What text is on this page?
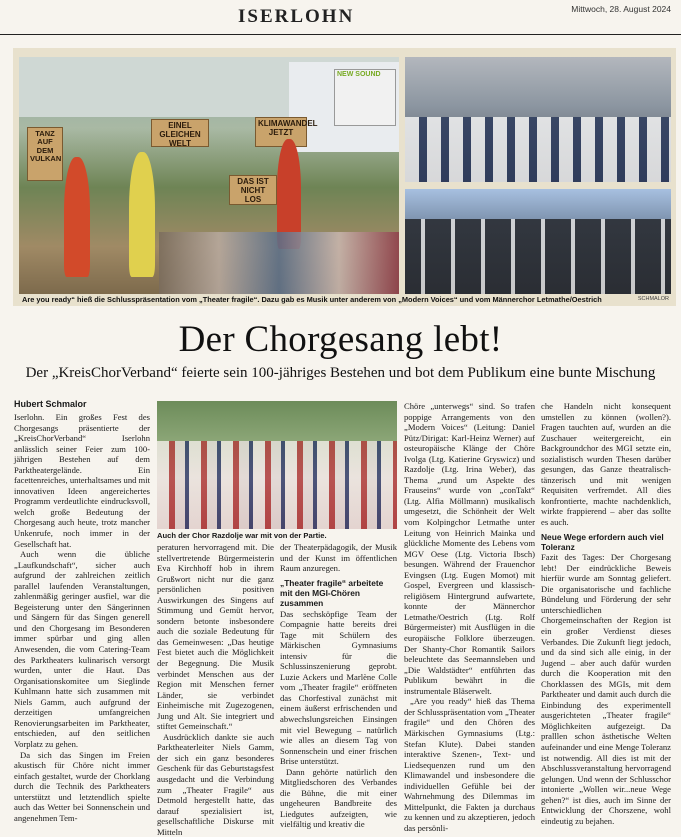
ISERLOHN	Mittwoch, 28. August 2024
NEW SOUND
TANZ AUF DEM VULKAN
EINEL GLEICHEN WELT
KLIMAWANDEL JETZT
DAS IST NICHT LOS
Are you ready“ hieß die Schlusspräsentation vom „Theater fragile“. Dazu gab es Musik unter anderem von „Modern Voices“ und vom Männerchor Letmathe/Oestrich	SCHMALOR
Der Chorgesang lebt!
Der „KreisChorVerband“ feierte sein 100-jähriges Bestehen und bot dem Publikum eine bunte Mischung
Hubert Schmalor

Iserlohn. Ein großes Fest des Chorgesangs präsentierte der „KreisChorVerband“ Iserlohn anlässlich seiner Feier zum 100-jährigen Bestehen auf dem Parktheatergelände. Ein facettenreiches, unterhaltsames und mit innovativen Ideen angereichertes Programm verdeutlichte eindrucksvoll, welch große Bedeutung der Chorgesang auch heute, trotz mancher Unkenrufe, noch immer in der Gesellschaft hat.

Auch wenn die übliche „Laufkundschaft“, sicher auch aufgrund der zahlreichen zeitlich parallel laufenden Veranstaltungen, zahlenmäßig geringer ausfiel, war die Begeisterung unter den Sängerinnen und Sängern für das Singen generell und den Chorgesang im Besonderen immer spürbar und ging allen Anwesenden, die vom Catering-Team des Parktheaters kulinarisch versorgt wurden, unter die Haut. Das Organisationskomitee um Sieglinde Kuhlmann hatte sich zusammen mit Niels Gamm, auch aufgrund der derzeitigen umfangreichen Renovierungsarbeiten im Parktheater, entschieden, auf den seitlichen Vorplatz zu gehen.

Da sich das Singen im Freien akustisch für Chöre nicht immer einfach gestaltet, wurde der Chorklang durch die Technik des Parktheaters unterstützt und letztendlich spielte auch das Wetter bei Sonnenschein und angenehmen Tem-

Auch der Chor Razdolje war mit von der Partie.

peraturen hervorragend mit. Die stellvertretende Bürgermeisterin Eva Kirchhoff hob in ihrem Grußwort nicht nur die ganz persönlichen positiven Auswirkungen des Singens auf Stimmung und Gemüt hervor, sondern betonte insbesondere auch die soziale Bedeutung für das Gemeinwesen: „Das heutige Fest bietet auch die Möglichkeit der Begegnung. Die Musik verbindet Menschen aus der Region mit Menschen ferner Länder, sie verbindet Einheimische mit Zugezogenen, Jung und Alt. Sie integriert und stiftet Gemeinschaft.“

Ausdrücklich dankte sie auch Parktheaterleiter Niels Gamm, der sich ein ganz besonderes Geschenk für das Geburtstagsfest ausgedacht und die Verbindung zum „Theater Fragile“ aus Detmold hergestellt hatte, das darauf spezialisiert ist, gesellschaftliche Diskurse mit Mitteln

der Theaterpädagogik, der Musik und der Kunst im öffentlichen Raum anzuregen.

„Theater fragile“ arbeitete mit den MGI-Chören zusammen

Das sechsköpfige Team der Compagnie hatte bereits drei Tage mit Schülern des Märkischen Gymnasiums intensiv für die Schlussinszenierung geprobt. Luzie Ackers und Marlène Colle vom „Theater fragile“ eröffneten das Chorfestival zunächst mit einem äußerst erfrischenden und abwechslungsreichen Einsingen mit viel Bewegung – natürlich wie alles an diesem Tag von Sonnenschein und einer frischen Brise unterstützt.

Dann gehörte natürlich den Mitgliedschoren des Verbandes die Bühne, die mit einer ungeheuren Bandbreite des Liedgutes aufzeigten, wie vielfältig und kreativ die

Chöre „unterwegs“ sind. So trafen poppige Arrangements von den „Modern Voices“ (Leitung: Daniel Pütz/Dirigat: Karl-Heinz Werner) auf osteuropäische Klänge der Chöre Ivolga (Ltg. Katierine Gryswicz) und Razdolje (Ltg. Irina Weber), das Thema „rund um Aspekte des Frauseins“ wurde von „conTakt“ (Ltg. Alfia Möllmann) musikalisch umgesetzt, die Schönheit der Welt vom Kolpingchor Letmathe unter Leitung von Heinrich Mainka und glückliche Momente des Lebens vom MGV Oese (Ltg. Victoria Ibsch) besungen. Während der Frauenchor Evingsen (Ltg. Eugen Momot) mit Gospel, Evergreen und klassisch-religiösem Hintergrund aufwartete, konnte der Männerchor Letmathe/Oestrich (Ltg. Rolf Bürgermeister) mit Ausflügen in die europäische Folklore überzeugen. Der Shanty-Chor Romantik Sailors beleuchtete das Seemannsleben und „Die Waldstädter“ entführten das Publikum bewährt in die instrumentale Bläserwelt.

„Are you ready“ hieß das Thema der Schlusspräsentation vom „Theater fragile“ und den Chören des Märkischen Gymnasiums (Ltg.: Stefan Klute). Dabei standen interaktive Szenen-, Text- und Liedsequenzen rund um den Klimawandel und insbesondere die individuellen Gefühle bei der Wahrnehmung des Dilemmas im Mittelpunkt, die Fakten ja durchaus zu kennen und zu akzeptieren, jedoch das persönli-

che Handeln nicht konsequent umstellen zu können (wollen?). Fragen tauchten auf, wurden an die Zuschauer weitergereicht, ein Backgroundchor des MGI setzte ein, sozialistisch wurden Thesen darüber gesungen, das Ganze theatralisch-tänzerisch und mit wenigen Requisiten verfremdet. All dies konfrontierte, machte nachdenklich, wirkte frappierend – aber das sollte es auch.

Neue Wege erfordern auch viel Toleranz

Fazit des Tages: Der Chorgesang lebt! Der eindrückliche Beweis hierfür wurde am Sonntag geliefert. Die organisatorische und fachliche Bündelung und Förderung der sehr unterschiedlichen Chorgemeinschaften der Region ist ein großer Verdienst dieses Verbandes. Die Zukunft liegt jedoch, und da sind sich alle einig, in der Jugend – aber auch dafür wurden durch die Kooperation mit den Chorklassen des MGIs, mit dem Parktheater und damit auch durch die Einbindung des experimentell ausgerichteten „Theater fragile“ Möglichkeiten aufgezeigt. Da pralllen schon ästhetische Welten aufeinander und eine Menge Toleranz ist notwendig. All dies ist mit der Abschlussveranstaltung hervorragend gelungen. Und wenn der Schlusschor intonierte „Wollen wir...neue Wege gehen?“ ist dies, auch im Sinne der Entwicklung der Chorszene, wohl eindeutig zu bejahen.
